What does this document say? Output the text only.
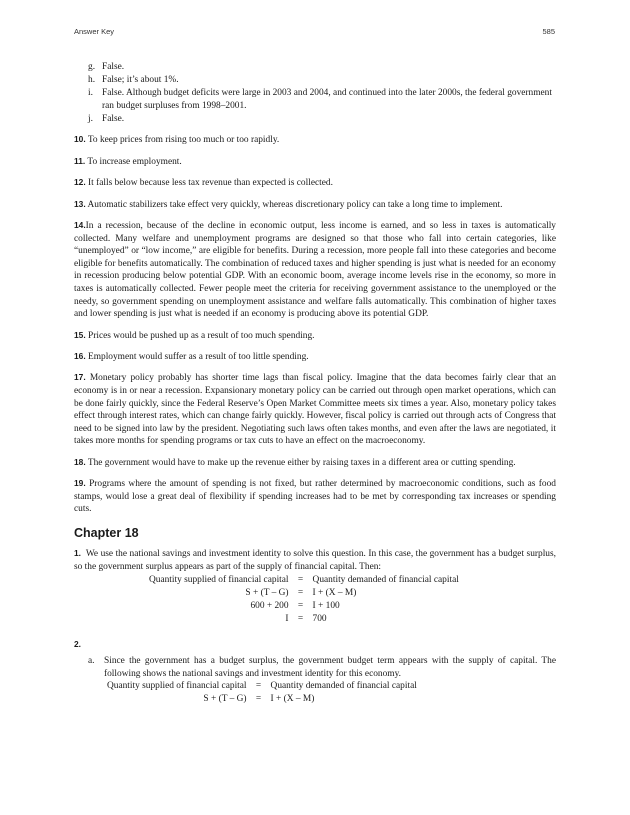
Answer Key	585
g. False.
h. False; it’s about 1%.
i. False. Although budget deficits were large in 2003 and 2004, and continued into the later 2000s, the federal government ran budget surpluses from 1998–2001.
j. False.

10. To keep prices from rising too much or too rapidly.

11. To increase employment.

12. It falls below because less tax revenue than expected is collected.

13. Automatic stabilizers take effect very quickly, whereas discretionary policy can take a long time to implement.

14.In a recession, because of the decline in economic output, less income is earned, and so less in taxes is automatically collected. Many welfare and unemployment programs are designed so that those who fall into certain categories, like “unemployed” or “low income,” are eligible for benefits. During a recession, more people fall into these categories and become eligible for benefits automatically. The combination of reduced taxes and higher spending is just what is needed for an economy in recession producing below potential GDP. With an economic boom, average income levels rise in the economy, so more in taxes is automatically collected. Fewer people meet the criteria for receiving government assistance to the unemployed or the needy, so government spending on unemployment assistance and welfare falls automatically. This combination of higher taxes and lower spending is just what is needed if an economy is producing above its potential GDP.

15. Prices would be pushed up as a result of too much spending.

16. Employment would suffer as a result of too little spending.

17. Monetary policy probably has shorter time lags than fiscal policy. Imagine that the data becomes fairly clear that an economy is in or near a recession. Expansionary monetary policy can be carried out through open market operations, which can be done fairly quickly, since the Federal Reserve’s Open Market Committee meets six times a year. Also, monetary policy takes effect through interest rates, which can change fairly quickly. However, fiscal policy is carried out through acts of Congress that need to be signed into law by the president. Negotiating such laws often takes months, and even after the laws are negotiated, it takes more months for spending programs or tax cuts to have an effect on the macroeconomy.

18. The government would have to make up the revenue either by raising taxes in a different area or cutting spending.

19. Programs where the amount of spending is not fixed, but rather determined by macroeconomic conditions, such as food stamps, would lose a great deal of flexibility if spending increases had to be met by corresponding tax increases or spending cuts.

Chapter 18

1. We use the national savings and investment identity to solve this question. In this case, the government has a budget surplus, so the government surplus appears as part of the supply of financial capital. Then:

Quantity supplied of financial capital	=	Quantity demanded of financial capital
S + (T – G)	=	I + (X – M)
600 + 200	=	I + 100
I	=	700

2.

a.	Since the government has a budget surplus, the government budget term appears with the supply of capital. The following shows the national savings and investment identity for this economy.
Quantity supplied of financial capital	=	Quantity demanded of financial capital
S + (T – G)	=	I + (X – M)
